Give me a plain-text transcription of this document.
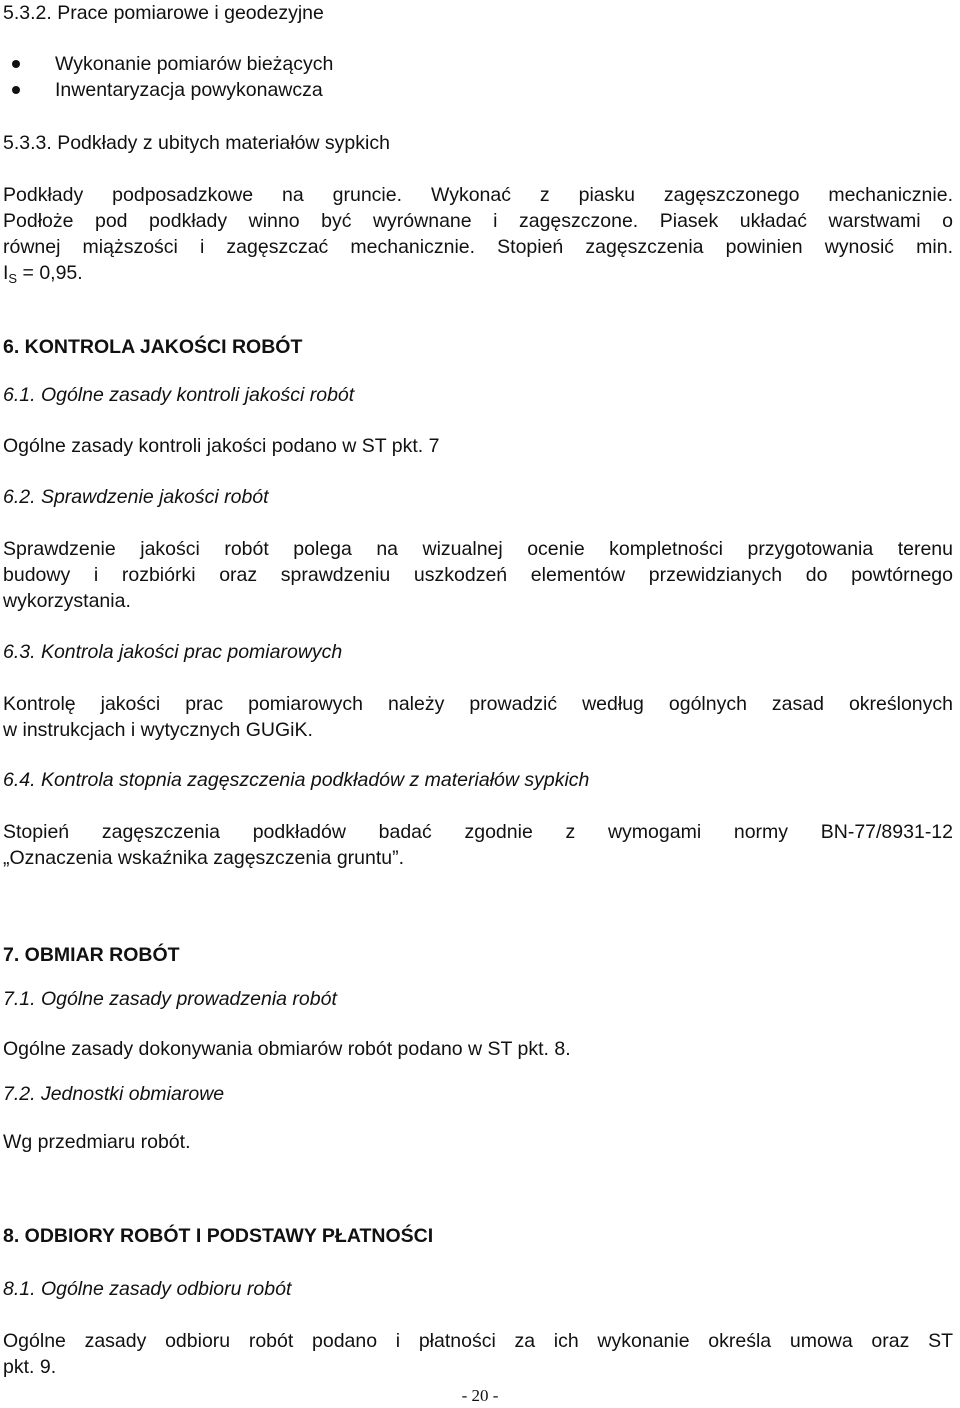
5.3.2. Prace pomiarowe i geodezyjne
Wykonanie pomiarów bieżących
Inwentaryzacja powykonawcza
5.3.3. Podkłady z ubitych materiałów sypkich
Podkłady podposadzkowe na gruncie. Wykonać z piasku zagęszczonego mechanicznie.
Podłoże pod podkłady winno być wyrównane i zagęszczone. Piasek układać warstwami o
równej miąższości i zagęszczać mechanicznie. Stopień zagęszczenia powinien wynosić min.
$I_S = 0,95$.
6. KONTROLA JAKOŚCI ROBÓT
6.1. Ogólne zasady kontroli jakości robót
Ogólne zasady kontroli jakości podano w ST pkt. 7
6.2. Sprawdzenie jakości robót
Sprawdzenie jakości robót polega na wizualnej ocenie kompletności przygotowania terenu
budowy i rozbiórki oraz sprawdzeniu uszkodzeń elementów przewidzianych do powtórnego
wykorzystania.
6.3. Kontrola jakości prac pomiarowych
Kontrolę jakości prac pomiarowych należy prowadzić według ogólnych zasad określonych
w instrukcjach i wytycznych GUGiK.
6.4. Kontrola stopnia zagęszczenia podkładów z materiałów sypkich
Stopień zagęszczenia podkładów badać zgodnie z wymogami normy BN-77/8931-12
„Oznaczenia wskaźnika zagęszczenia gruntu”.
7. OBMIAR ROBÓT
7.1. Ogólne zasady prowadzenia robót
Ogólne zasady dokonywania obmiarów robót podano w ST pkt. 8.
7.2. Jednostki obmiarowe
Wg przedmiaru robót.
8. ODBIORY ROBÓT I PODSTAWY PŁATNOŚCI
8.1. Ogólne zasady odbioru robót
Ogólne zasady odbioru robót podano i płatności za ich wykonanie określa umowa oraz ST
pkt. 9.
- 20 -
